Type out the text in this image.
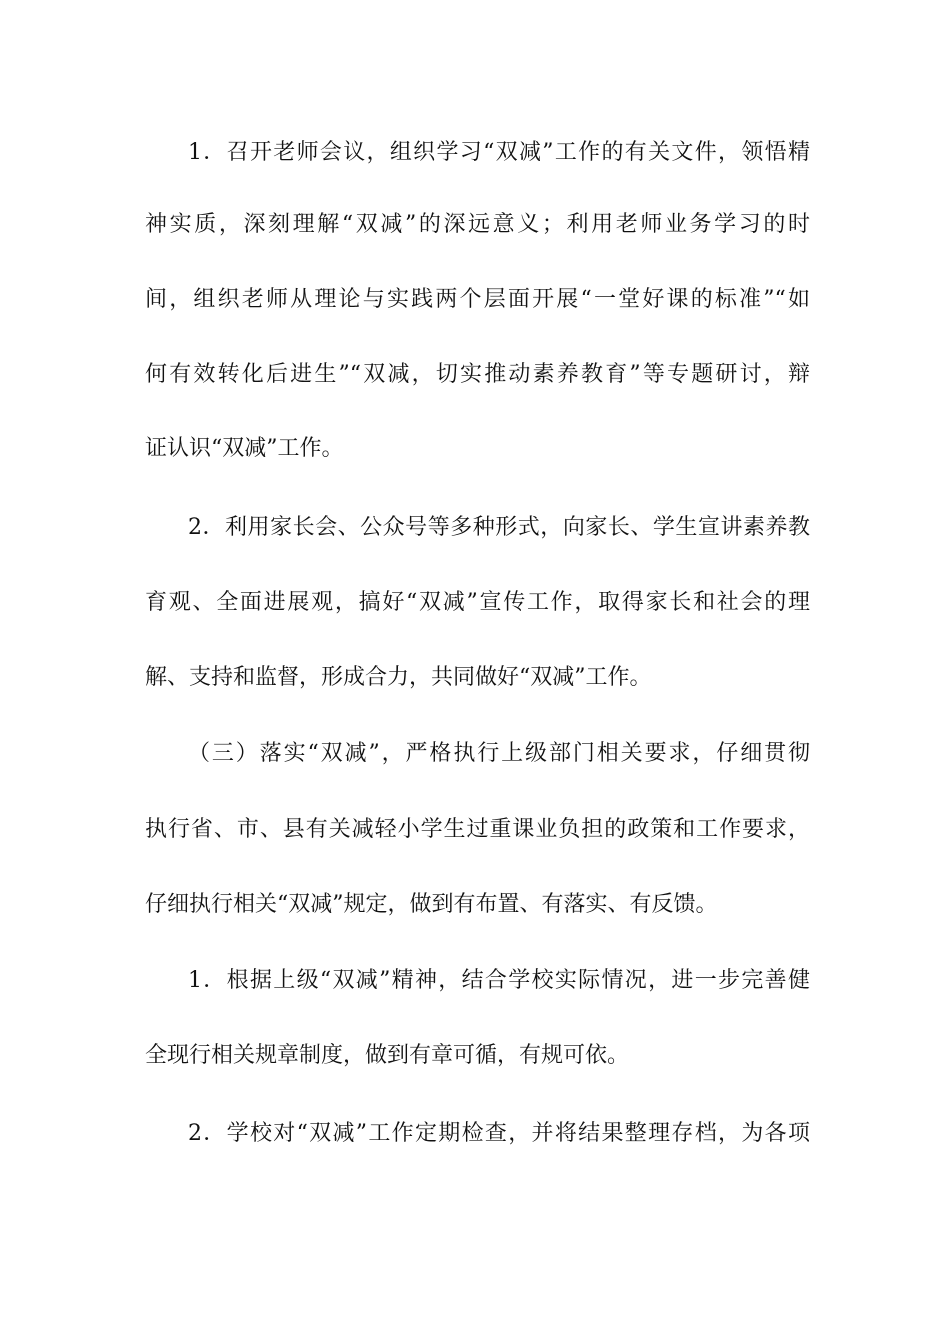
1．召开老师会议，组织学习“双减”工作的有关文件，领悟精
神实质，深刻理解“双减”的深远意义；利用老师业务学习的时
间，组织老师从理论与实践两个层面开展“一堂好课的标准”“如
何有效转化后进生”“双减，切实推动素养教育”等专题研讨，辩
证认识“双减”工作。
2．利用家长会、公众号等多种形式，向家长、学生宣讲素养教
育观、全面进展观，搞好“双减”宣传工作，取得家长和社会的理
解、支持和监督，形成合力，共同做好“双减”工作。
（三）落实“双减”，严格执行上级部门相关要求，仔细贯彻
执行省、市、县有关减轻小学生过重课业负担的政策和工作要求，
仔细执行相关“双减”规定，做到有布置、有落实、有反馈。
1．根据上级“双减”精神，结合学校实际情况，进一步完善健
全现行相关规章制度，做到有章可循，有规可依。
2．学校对“双减”工作定期检查，并将结果整理存档，为各项
